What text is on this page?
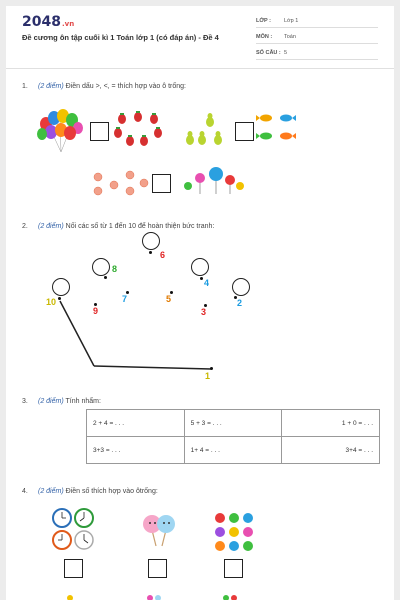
2048.vn
Đề cương ôn tập cuối kì 1 Toán lớp 1 (có đáp án) - Đề 4
LỚP : Lớp 1
MÔN : Toán
SỐ CÂU : 5
1. (2 điểm) Điền dấu >, <, = thích hợp vào ô trống:
2. (2 điểm) Nối các số từ 1 đến 10 để hoàn thiện bức tranh:
6
8
4
10	2
9
7	5
3
1
3. (2 điểm) Tính nhẩm:
2 + 4 = . . .	5 + 3 = . . .	1 + 0 = . . .
3+3 = . . .	1+ 4 = . . .	3+4 = . . .
4. (2 điểm) Điền số thích hợp vào ôtrống:
